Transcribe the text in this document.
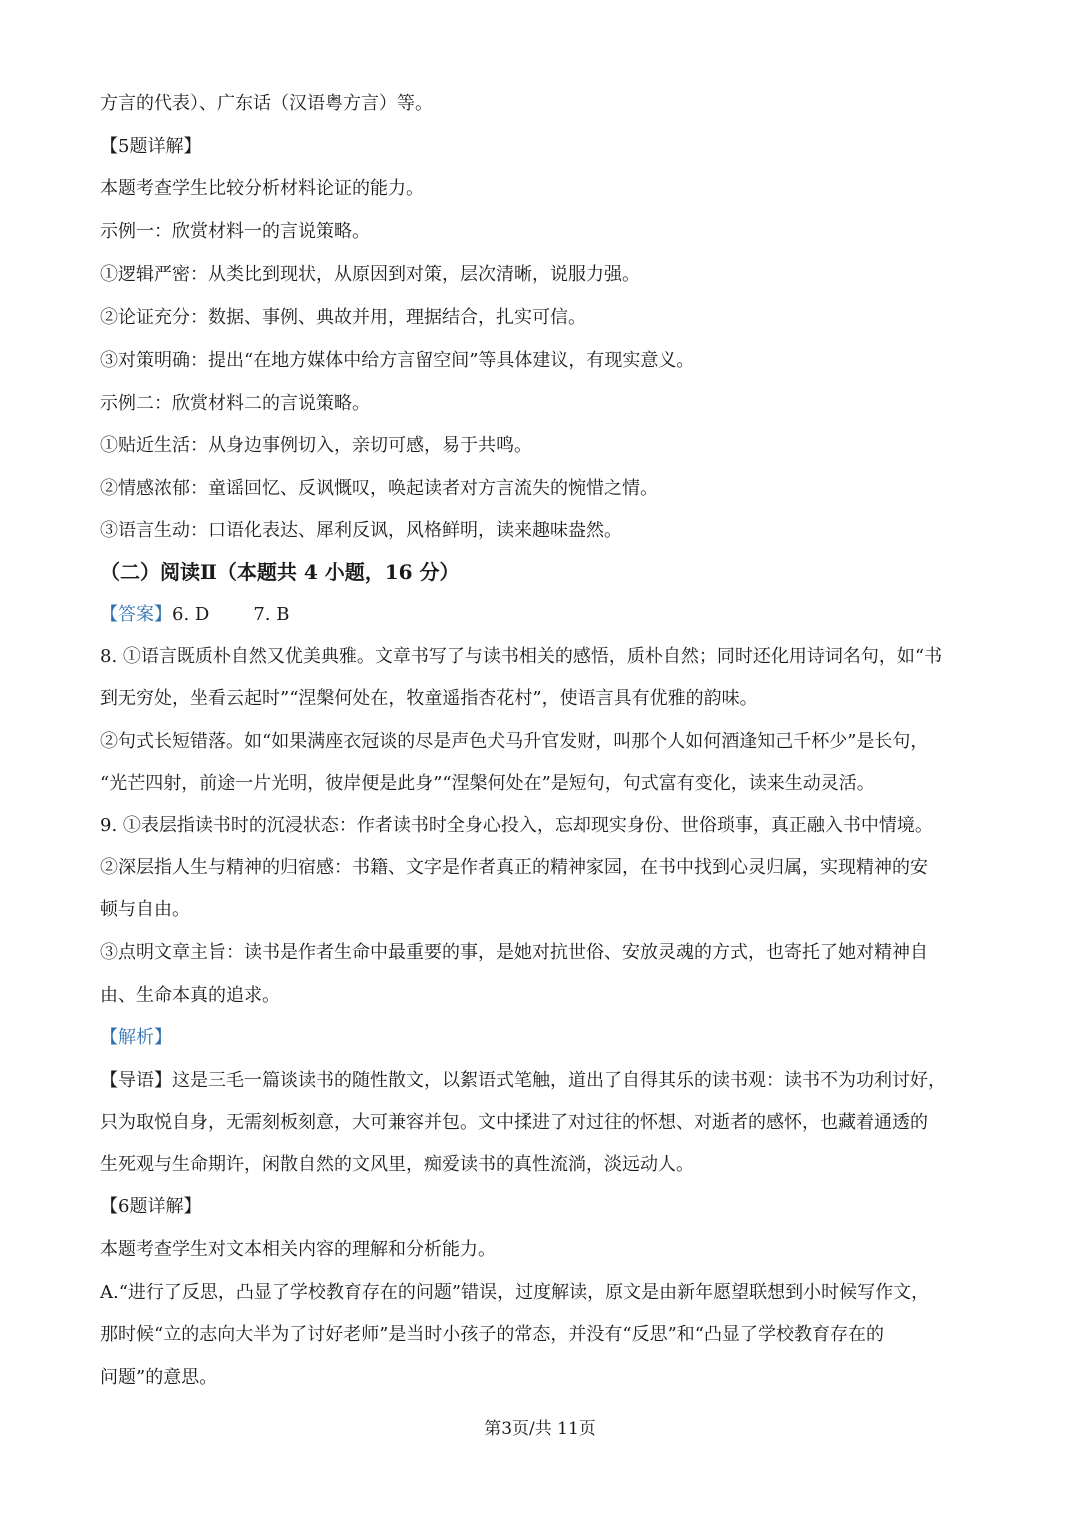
方言的代表）、广东话（汉语粤方言）等。
【5题详解】
本题考查学生比较分析材料论证的能力。
示例一：欣赏材料一的言说策略。
①逻辑严密：从类比到现状，从原因到对策，层次清晰，说服力强。
②论证充分：数据、事例、典故并用，理据结合，扎实可信。
③对策明确：提出“在地方媒体中给方言留空间”等具体建议，有现实意义。
示例二：欣赏材料二的言说策略。
①贴近生活：从身边事例切入，亲切可感，易于共鸣。
②情感浓郁：童谣回忆、反讽慨叹，唤起读者对方言流失的惋惜之情。
③语言生动：口语化表达、犀利反讽，风格鲜明，读来趣味盎然。
（二）阅读Ⅱ（本题共 4 小题，16 分）
【答案】6. D 7. B
8. ①语言既质朴自然又优美典雅。文章书写了与读书相关的感悟，质朴自然；同时还化用诗词名句，如“书
到无穷处，坐看云起时”“涅槃何处在，牧童遥指杏花村”，使语言具有优雅的韵味。
②句式长短错落。如“如果满座衣冠谈的尽是声色犬马升官发财，叫那个人如何酒逢知己千杯少”是长句，
“光芒四射，前途一片光明，彼岸便是此身”“涅槃何处在”是短句，句式富有变化，读来生动灵活。
9. ①表层指读书时的沉浸状态：作者读书时全身心投入，忘却现实身份、世俗琐事，真正融入书中情境。
②深层指人生与精神的归宿感：书籍、文字是作者真正的精神家园，在书中找到心灵归属，实现精神的安
顿与自由。
③点明文章主旨：读书是作者生命中最重要的事，是她对抗世俗、安放灵魂的方式，也寄托了她对精神自
由、生命本真的追求。
【解析】
【导语】这是三毛一篇谈读书的随性散文，以絮语式笔触，道出了自得其乐的读书观：读书不为功利讨好，
只为取悦自身，无需刻板刻意，大可兼容并包。文中揉进了对过往的怀想、对逝者的感怀，也藏着通透的
生死观与生命期许，闲散自然的文风里，痴爱读书的真性流淌，淡远动人。
【6题详解】
本题考查学生对文本相关内容的理解和分析能力。
A.“进行了反思，凸显了学校教育存在的问题”错误，过度解读，原文是由新年愿望联想到小时候写作文，
那时候“立的志向大半为了讨好老师”是当时小孩子的常态，并没有“反思”和“凸显了学校教育存在的
问题”的意思。
第3页/共 11页
